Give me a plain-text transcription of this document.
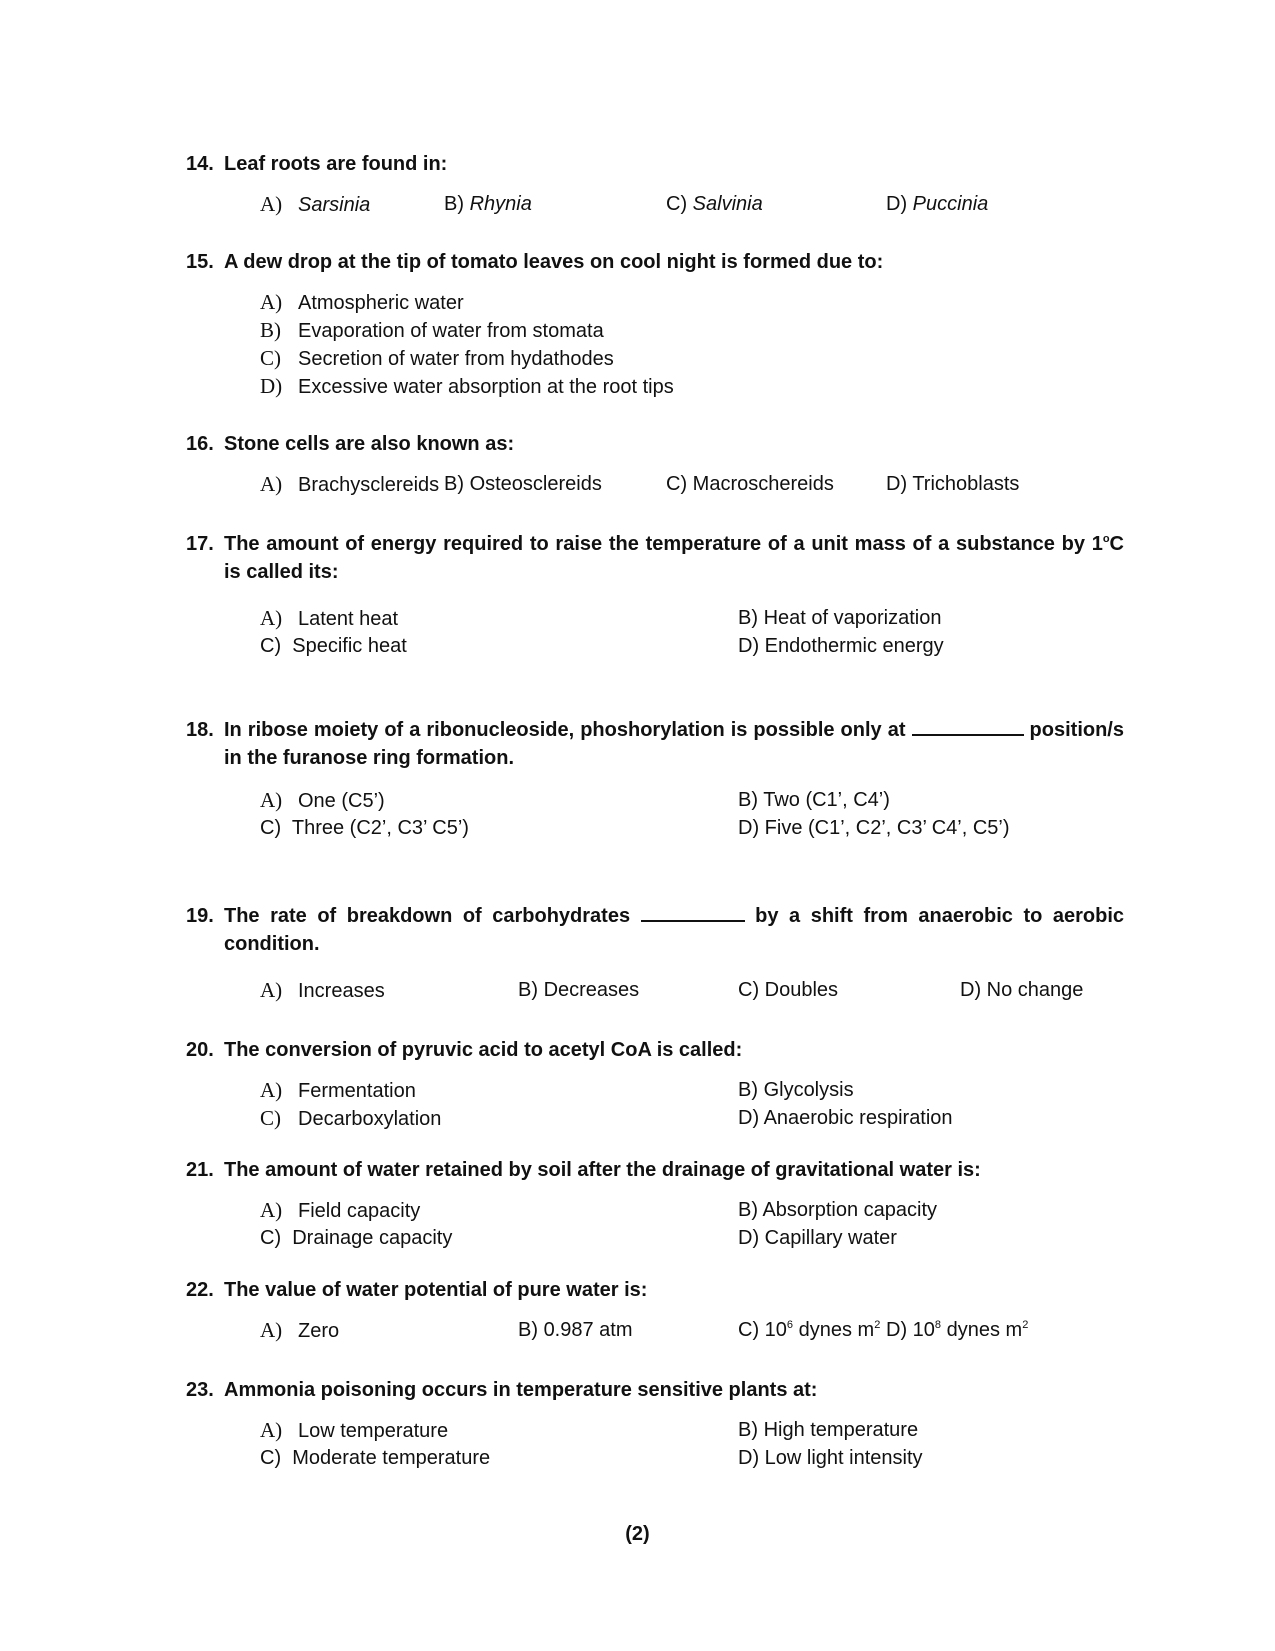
14. Leaf roots are found in:
A) Sarsinia	B) Rhynia	C) Salvinia	D) Puccinia
15. A dew drop at the tip of tomato leaves on cool night is formed due to:
A) Atmospheric water
B) Evaporation of water from stomata
C) Secretion of water from hydathodes
D) Excessive water absorption at the root tips
16. Stone cells are also known as:
A) Brachysclereids B) Osteosclereids	C) Macroschereids	D) Trichoblasts
17. The amount of energy required to raise the temperature of a unit mass of a substance by 1$^o$C is called its:
A) Latent heat	B) Heat of vaporization
C) Specific heat	D) Endothermic energy
18. In ribose moiety of a ribonucleoside, phoshorylation is possible only at	position/s in the furanose ring formation.
A) One (C5’)	B) Two (C1’, C4’)
C) Three (C2’, C3’ C5’)	D) Five (C1’, C2’, C3’ C4’, C5’)
19. The rate of breakdown of carbohydrates	by a shift from anaerobic to aerobic condition.
A) Increases	B) Decreases	C) Doubles	D) No change
20. The conversion of pyruvic acid to acetyl CoA is called:
A) Fermentation	B) Glycolysis
C) Decarboxylation	D) Anaerobic respiration
21. The amount of water retained by soil after the drainage of gravitational water is:
A) Field capacity	B) Absorption capacity
C) Drainage capacity	D) Capillary water
22. The value of water potential of pure water is:
A) Zero	B) 0.987 atm	C) $10^6$ dynes $m^2$ D) $10^8$ dynes $m^2$
23. Ammonia poisoning occurs in temperature sensitive plants at:
A) Low temperature	B) High temperature
C) Moderate temperature	D) Low light intensity
(2)
